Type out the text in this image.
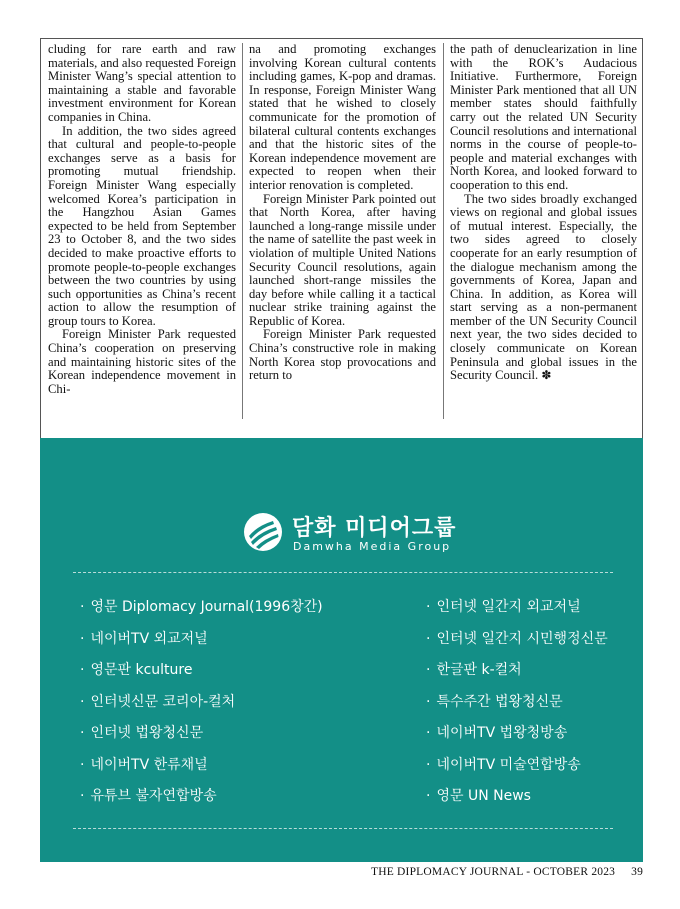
cluding for rare earth and raw materials, and also requested Foreign Minister Wang’s special attention to maintaining a stable and favorable investment environment for Korean companies in China.

In addition, the two sides agreed that cultural and people-to-people exchanges serve as a basis for promoting mutual friendship. Foreign Minister Wang especially welcomed Korea’s participation in the Hangzhou Asian Games expected to be held from September 23 to October 8, and the two sides decided to make proactive efforts to promote people-to-people exchanges between the two countries by using such opportunities as China’s recent action to allow the resumption of group tours to Korea.

Foreign Minister Park requested China’s cooperation on preserving and maintaining historic sites of the Korean independence movement in Chi-

na and promoting exchanges involving Korean cultural contents including games, K-pop and dramas. In response, Foreign Minister Wang stated that he wished to closely communicate for the promotion of bilateral cultural contents exchanges and that the historic sites of the Korean independence movement are expected to reopen when their interior renovation is completed.

Foreign Minister Park pointed out that North Korea, after having launched a long-range missile under the name of satellite the past week in violation of multiple United Nations Security Council resolutions, again launched short-range missiles the day before while calling it a tactical nuclear strike training against the Republic of Korea.

Foreign Minister Park requested China’s constructive role in making North Korea stop provocations and return to

the path of denuclearization in line with the ROK’s Audacious Initiative. Furthermore, Foreign Minister Park mentioned that all UN member states should faithfully carry out the related UN Security Council resolutions and international norms in the course of people-to-people and material exchanges with North Korea, and looked forward to cooperation to this end.

The two sides broadly exchanged views on regional and global issues of mutual interest. Especially, the two sides agreed to closely cooperate for an early resumption of the dialogue mechanism among the governments of Korea, Japan and China. In addition, as Korea will start serving as a non-permanent member of the UN Security Council next year, the two sides decided to closely communicate on Korean Peninsula and global issues in the Security Council. ✽

담화 미디어그룹
Damwha Media Group
· 영문 Diplomacy Journal(1996창간)
· 네이버TV 외교저널
· 영문판 kculture
· 인터넷신문 코리아-컬처
· 인터넷 법왕청신문
· 네이버TV 한류채널
· 유튜브 불자연합방송
· 인터넷 일간지 외교저널
· 인터넷 일간지 시민행정신문
· 한글판 k-컬처
· 특수주간 법왕청신문
· 네이버TV 법왕청방송
· 네이버TV 미술연합방송
· 영문 UN News
THE DIPLOMACY JOURNAL - OCTOBER 2023 39
